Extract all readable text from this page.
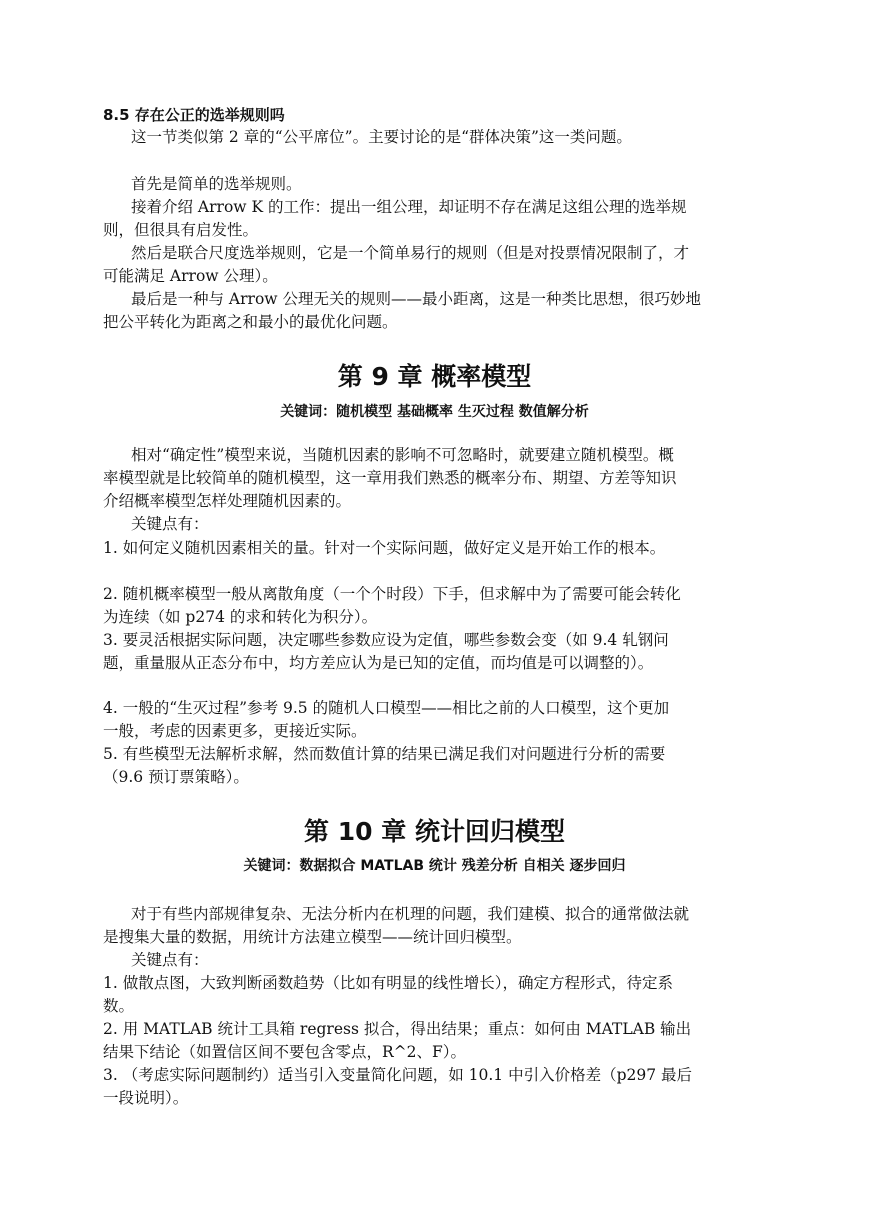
8.5 存在公正的选举规则吗
这一节类似第 2 章的“公平席位”。主要讨论的是“群体决策”这一类问题。
首先是简单的选举规则。
接着介绍 Arrow K 的工作：提出一组公理，却证明不存在满足这组公理的选举规
则，但很具有启发性。
然后是联合尺度选举规则，它是一个简单易行的规则（但是对投票情况限制了，才
可能满足 Arrow 公理）。
最后是一种与 Arrow 公理无关的规则——最小距离，这是一种类比思想，很巧妙地
把公平转化为距离之和最小的最优化问题。
第 9 章 概率模型
关键词：随机模型 基础概率 生灭过程 数值解分析
相对“确定性”模型来说，当随机因素的影响不可忽略时，就要建立随机模型。概
率模型就是比较简单的随机模型，这一章用我们熟悉的概率分布、期望、方差等知识
介绍概率模型怎样处理随机因素的。
关键点有：
1. 如何定义随机因素相关的量。针对一个实际问题，做好定义是开始工作的根本。
2. 随机概率模型一般从离散角度（一个个时段）下手，但求解中为了需要可能会转化
为连续（如 p274 的求和转化为积分）。
3. 要灵活根据实际问题，决定哪些参数应设为定值，哪些参数会变（如 9.4 轧钢问
题，重量服从正态分布中，均方差应认为是已知的定值，而均值是可以调整的）。
4. 一般的“生灭过程”参考 9.5 的随机人口模型——相比之前的人口模型，这个更加
一般，考虑的因素更多，更接近实际。
5. 有些模型无法解析求解，然而数值计算的结果已满足我们对问题进行分析的需要
（9.6 预订票策略）。
第 10 章 统计回归模型
关键词：数据拟合 MATLAB 统计 残差分析 自相关 逐步回归
对于有些内部规律复杂、无法分析内在机理的问题，我们建模、拟合的通常做法就
是搜集大量的数据，用统计方法建立模型——统计回归模型。
关键点有：
1. 做散点图，大致判断函数趋势（比如有明显的线性增长），确定方程形式，待定系
数。
2. 用 MATLAB 统计工具箱 regress 拟合，得出结果；重点：如何由 MATLAB 输出
结果下结论（如置信区间不要包含零点，R^2、F）。
3. （考虑实际问题制约）适当引入变量简化问题，如 10.1 中引入价格差（p297 最后
一段说明）。
